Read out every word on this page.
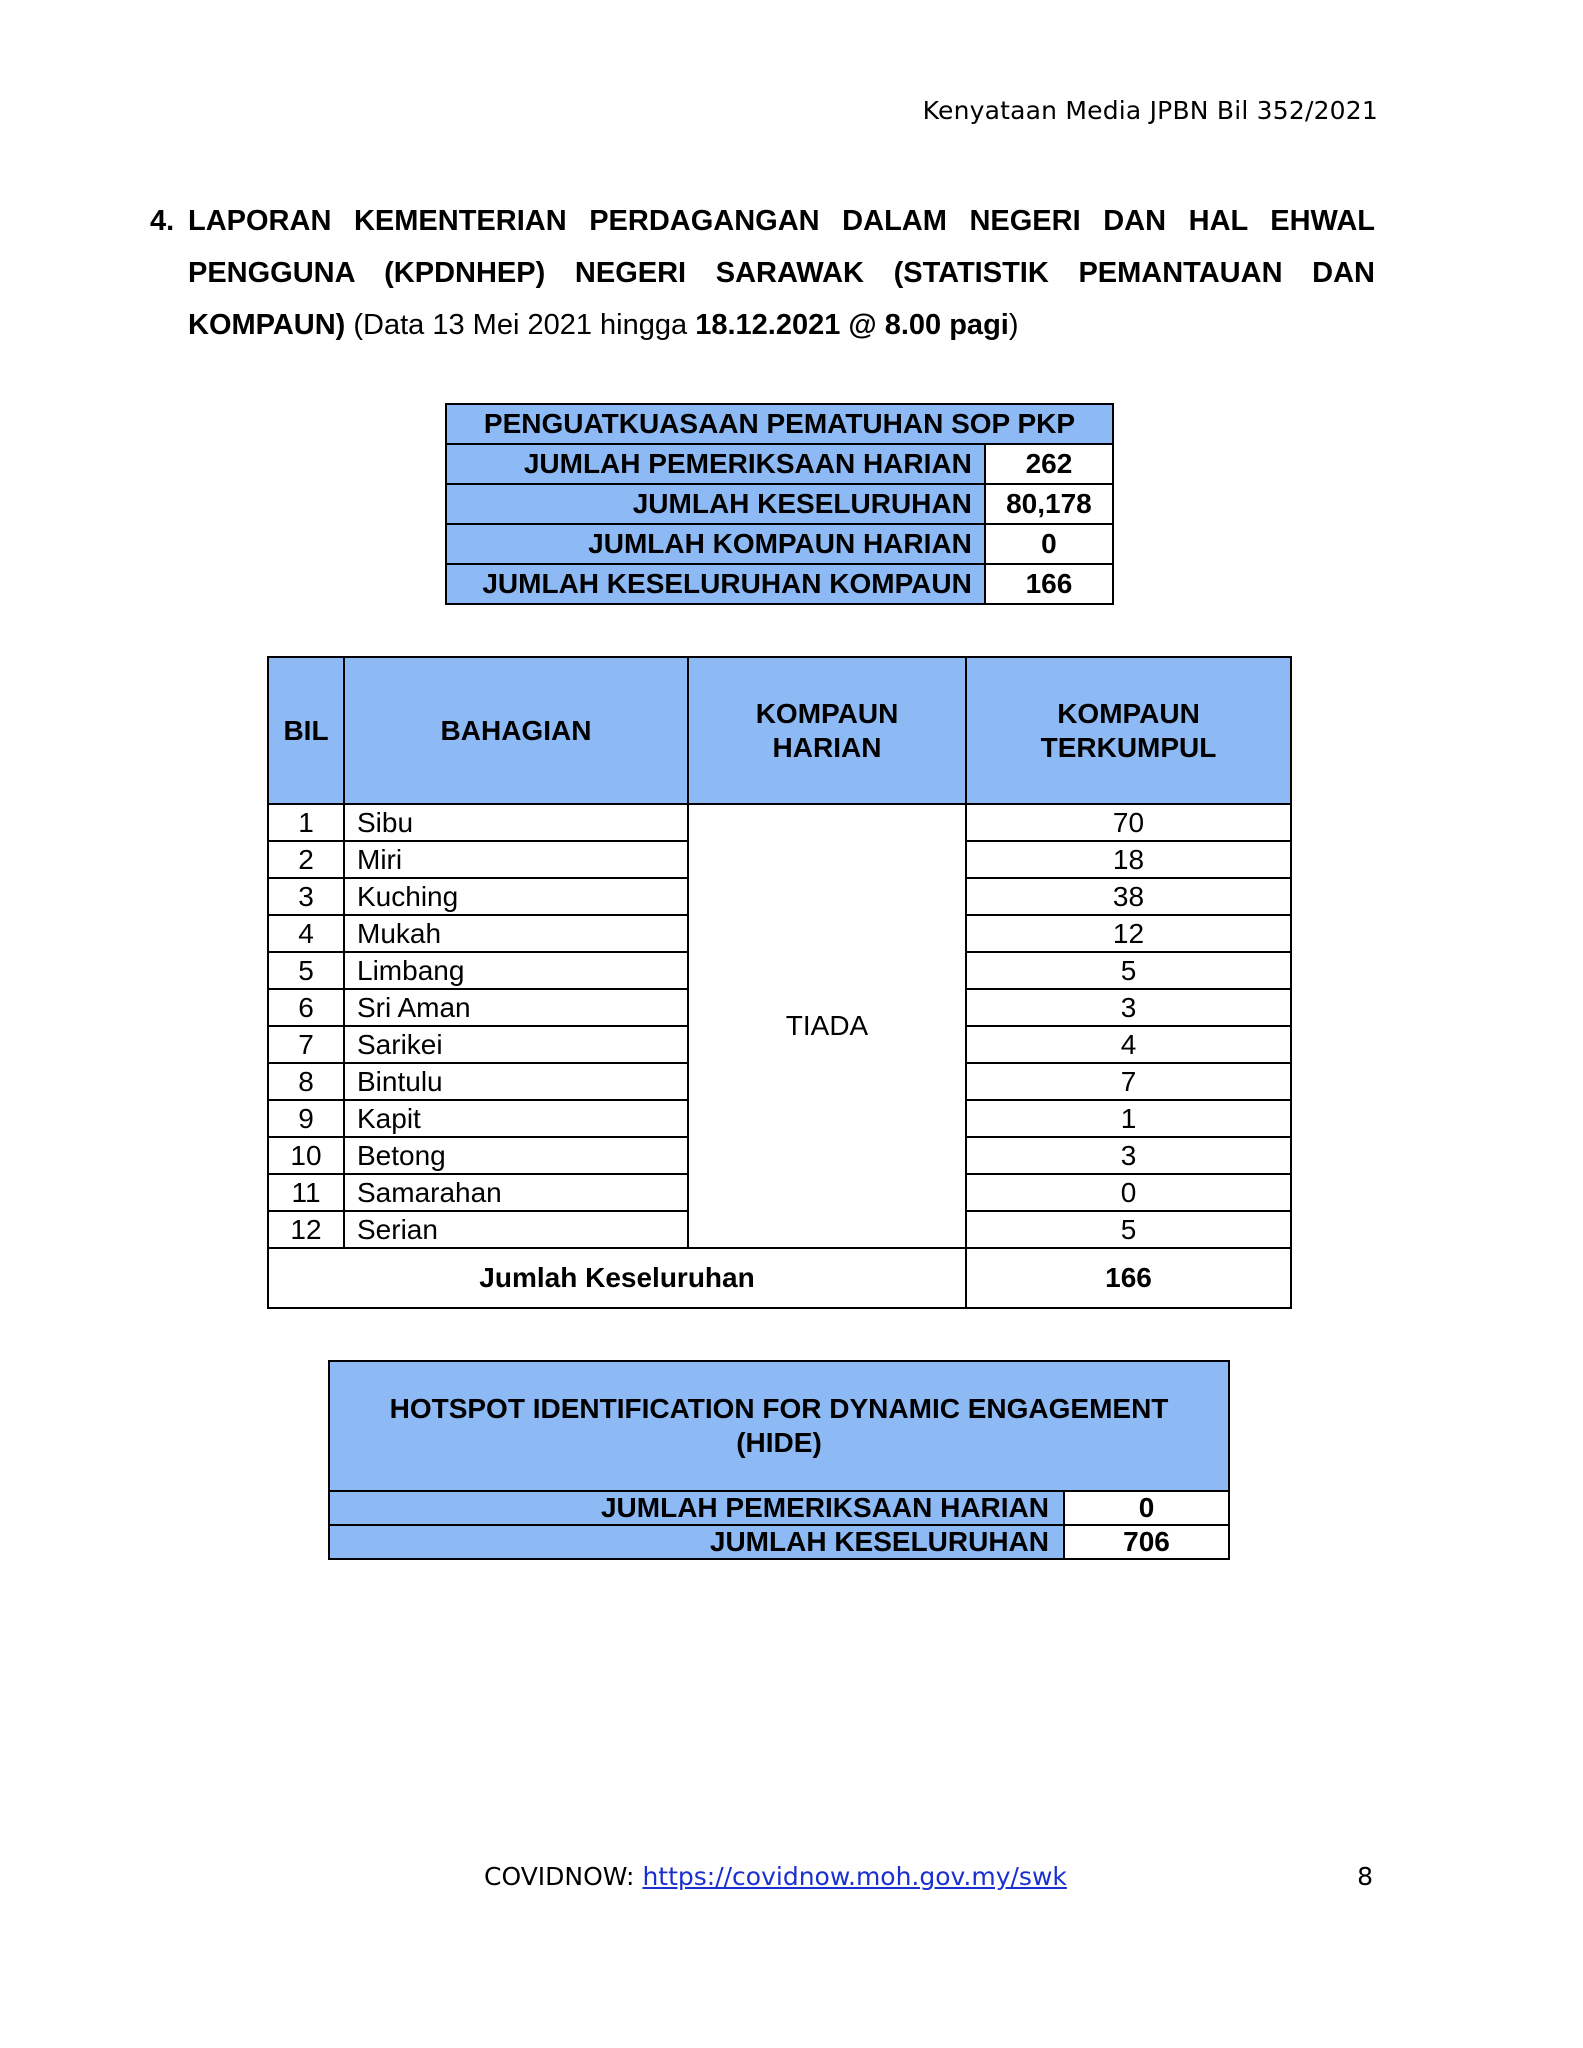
Kenyataan Media JPBN Bil 352/2021
4. LAPORAN KEMENTERIAN PERDAGANGAN DALAM NEGERI DAN HAL EHWAL PENGGUNA (KPDNHEP) NEGERI SARAWAK (STATISTIK PEMANTAUAN DAN KOMPAUN) (Data 13 Mei 2021 hingga 18.12.2021 @ 8.00 pagi)
PENGUATKUASAAN PEMATUHAN SOP PKP	
JUMLAH PEMERIKSAAN HARIAN	262
JUMLAH KESELURUHAN	80,178
JUMLAH KOMPAUN HARIAN	0
JUMLAH KESELURUHAN KOMPAUN	166
BIL	BAHAGIAN	KOMPAUN HARIAN	KOMPAUN TERKUMPUL

1	Sibu	TIADA	70
2	Miri		18
3	Kuching		38
4	Mukah		12
5	Limbang		5
6	Sri Aman		3
7	Sarikei		4
8	Bintulu		7
9	Kapit		1
10	Betong		3
11	Samarahan		0
12	Serian		5
Jumlah Keseluruhan			166
HOTSPOT IDENTIFICATION FOR DYNAMIC ENGAGEMENT
(HIDE)	

JUMLAH PEMERIKSAAN HARIAN	0
JUMLAH KESELURUHAN	706
COVIDNOW: https://covidnow.moh.gov.my/swk	8
